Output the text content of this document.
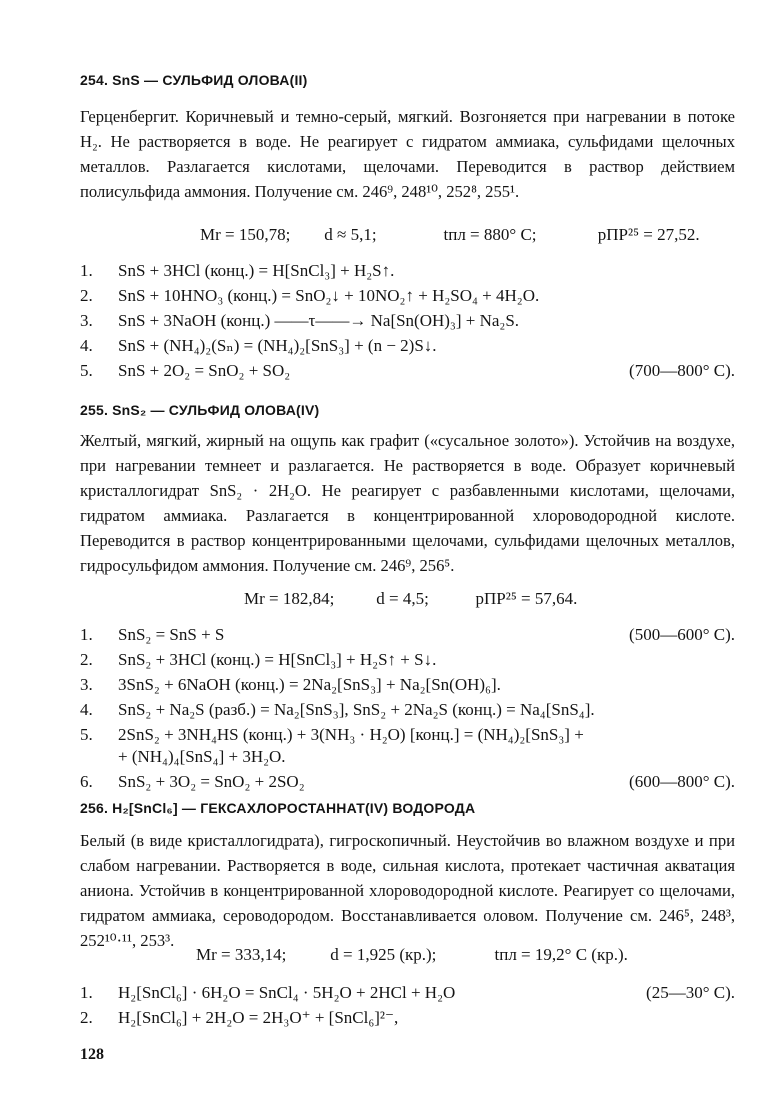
254. SnS — СУЛЬФИД ОЛОВА(II)
Герценбергит. Коричневый и темно-серый, мягкий. Возгоняется при нагревании в потоке H₂. Не растворяется в воде. Не реагирует с гидратом аммиака, сульфидами щелочных металлов. Разлагается кислотами, щелочами. Переводится в раствор действием полисульфида аммония. Получение см. 246⁹, 248¹⁰, 252⁸, 255¹.
Mr = 150,78; d ≈ 5,1;	tпл = 880° C;	pПР²⁵ = 27,52.
1. SnS + 3HCl (конц.) = H[SnCl₃] + H₂S↑.
2. SnS + 10HNO₃ (конц.) = SnO₂↓ + 10NO₂↑ + H₂SO₄ + 4H₂O.
3. SnS + 3NaOH (конц.) ——τ——→ Na[Sn(OH)₃] + Na₂S.
4. SnS + (NH₄)₂(Sₙ) = (NH₄)₂[SnS₃] + (n − 2)S↓.
5. SnS + 2O₂ = SnO₂ + SO₂	(700—800° C).
255. SnS₂ — СУЛЬФИД ОЛОВА(IV)
Желтый, мягкий, жирный на ощупь как графит («сусальное золото»). Устойчив на воздухе, при нагревании темнеет и разлагается. Не растворяется в воде. Образует коричневый кристаллогидрат SnS₂ · 2H₂O. Не реагирует с разбавленными кислотами, щелочами, гидратом аммиака. Разлагается в концентрированной хлороводородной кислоте. Переводится в раствор концентрированными щелочами, сульфидами щелочных металлов, гидросульфидом аммония. Получение см. 246⁹, 256⁵.
Mr = 182,84; d = 4,5;	pПР²⁵ = 57,64.
1. SnS₂ = SnS + S	(500—600° C).
2. SnS₂ + 3HCl (конц.) = H[SnCl₃] + H₂S↑ + S↓.
3. 3SnS₂ + 6NaOH (конц.) = 2Na₂[SnS₃] + Na₂[Sn(OH)₆].
4. SnS₂ + Na₂S (разб.) = Na₂[SnS₃], SnS₂ + 2Na₂S (конц.) = Na₄[SnS₄].
5. 2SnS₂ + 3NH₄HS (конц.) + 3(NH₃ · H₂O) [конц.] = (NH₄)₂[SnS₃] +
+ (NH₄)₄[SnS₄] + 3H₂O.
6. SnS₂ + 3O₂ = SnO₂ + 2SO₂	(600—800° C).
256. H₂[SnCl₆] — ГЕКСАХЛОРОСТАННАТ(IV) ВОДОРОДА
Белый (в виде кристаллогидрата), гигроскопичный. Неустойчив во влажном воздухе и при слабом нагревании. Растворяется в воде, сильная кислота, протекает частичная акватация аниона. Устойчив в концентрированной хлороводородной кислоте. Реагирует со щелочами, гидратом аммиака, сероводородом. Восстанавливается оловом. Получение см. 246⁵, 248³, 252¹⁰·¹¹, 253³.
Mr = 333,14;	d = 1,925 (кр.);	tпл = 19,2° C (кр.).
1. H₂[SnCl₆] · 6H₂O = SnCl₄ · 5H₂O + 2HCl + H₂O	(25—30° C).
2. H₂[SnCl₆] + 2H₂O = 2H₃O⁺ + [SnCl₆]²⁻,
128
